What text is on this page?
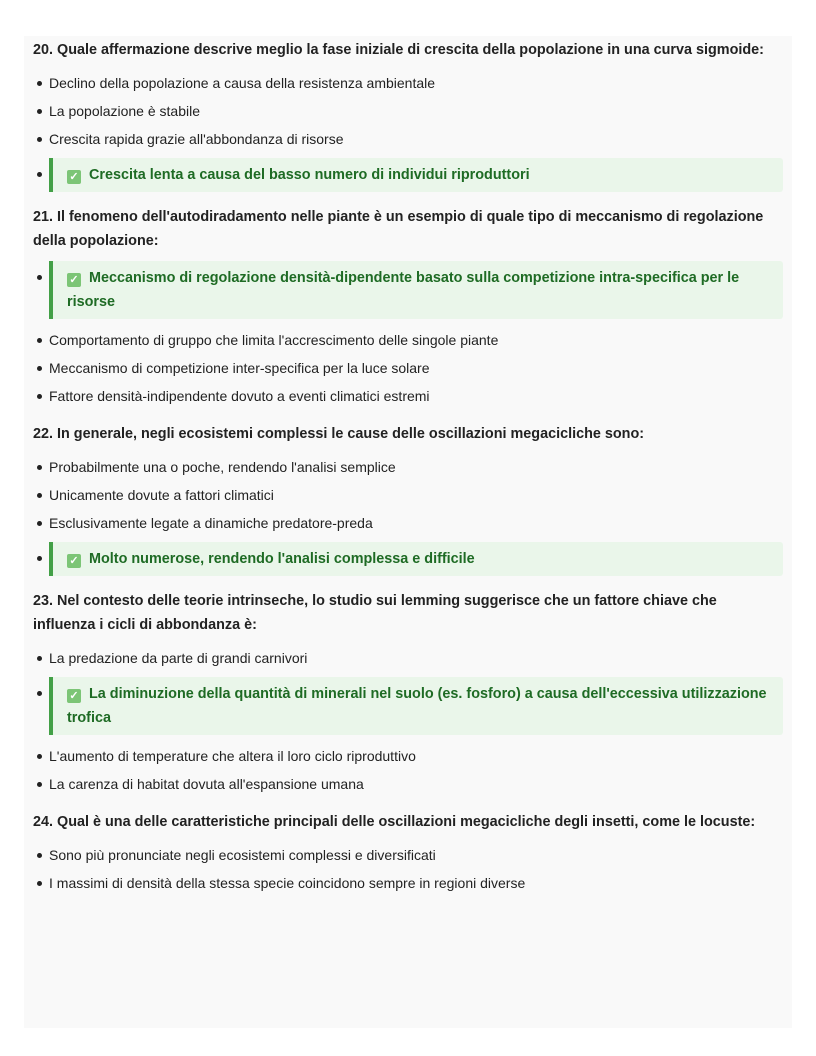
20. Quale affermazione descrive meglio la fase iniziale di crescita della popolazione in una curva sigmoide:
Declino della popolazione a causa della resistenza ambientale
La popolazione è stabile
Crescita rapida grazie all'abbondanza di risorse
✓ Crescita lenta a causa del basso numero di individui riproduttori
21. Il fenomeno dell'autodiradamento nelle piante è un esempio di quale tipo di meccanismo di regolazione della popolazione:
✓ Meccanismo di regolazione densità-dipendente basato sulla competizione intra-specifica per le risorse
Comportamento di gruppo che limita l'accrescimento delle singole piante
Meccanismo di competizione inter-specifica per la luce solare
Fattore densità-indipendente dovuto a eventi climatici estremi
22. In generale, negli ecosistemi complessi le cause delle oscillazioni megacicliche sono:
Probabilmente una o poche, rendendo l'analisi semplice
Unicamente dovute a fattori climatici
Esclusivamente legate a dinamiche predatore-preda
✓ Molto numerose, rendendo l'analisi complessa e difficile
23. Nel contesto delle teorie intrinseche, lo studio sui lemming suggerisce che un fattore chiave che influenza i cicli di abbondanza è:
La predazione da parte di grandi carnivori
✓ La diminuzione della quantità di minerali nel suolo (es. fosforo) a causa dell'eccessiva utilizzazione trofica
L'aumento di temperature che altera il loro ciclo riproduttivo
La carenza di habitat dovuta all'espansione umana
24. Qual è una delle caratteristiche principali delle oscillazioni megacicliche degli insetti, come le locuste:
Sono più pronunciate negli ecosistemi complessi e diversificati
I massimi di densità della stessa specie coincidono sempre in regioni diverse
